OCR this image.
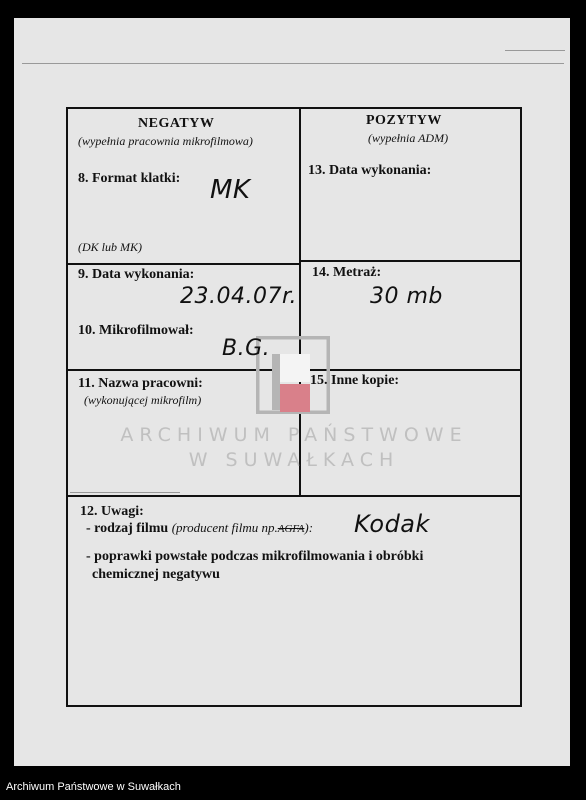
NEGATYW
(wypełnia pracownia mikrofilmowa)
8. Format klatki: MK
(DK lub MK)
POZYTYW
(wypełnia ADM)
13. Data wykonania:
9. Data wykonania:
23.04.07r.
10. Mikrofilmował:
B.G.
14. Metraż:
30 mb
11. Nazwa pracowni:
(wykonującej mikrofilm)
15. Inne kopie:
ARCHIWUM PAŃSTWOWE
W SUWAŁKACH
12. Uwagi:
- rodzaj filmu (producent filmu np.AGFA): Kodak
- poprawki powstałe podczas mikrofilmowania i obróbki
chemicznej negatywu
Archiwum Państwowe w Suwałkach
